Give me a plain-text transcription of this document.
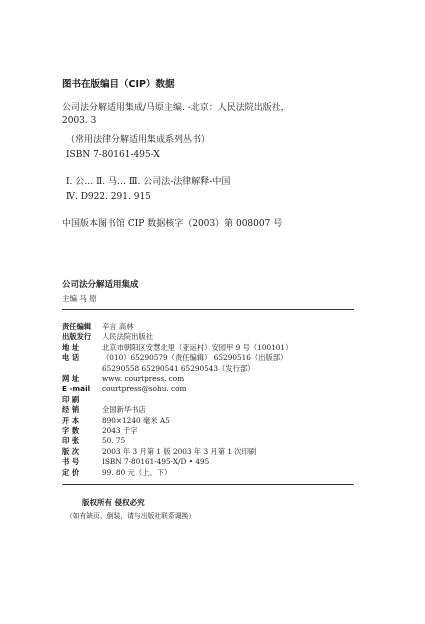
图书在版编目（CIP）数据
公司法分解适用集成/马原主编. -北京：人民法院出版社，
2003. 3
（常用法律分解适用集成系列丛书）
ISBN 7-80161-495-X
Ⅰ. 公… Ⅱ. 马… Ⅲ. 公司法-法律解释-中国
Ⅳ. D922. 291. 915
中国版本图书馆 CIP 数据核字（2003）第 008007 号
公司法分解适用集成
主编 马 原
责任编辑	辛言 高林
出版发行	人民法院出版社
地 址	北京市朝阳区安慧北里（亚运村）安园甲 9 号（100101）
电 话	（010）65290579（责任编辑） 65290516（出版部）
65290558 65290541 65290543（发行部）
网 址	www. courtpress. com
E -mail	courtpress@sohu. com
印 刷
经 销	全国新华书店
开 本	890×1240 毫米 A5
字 数	2043 千字
印 张	50. 75
版 次	2003 年 3 月第 1 版 2003 年 3 月第 1 次印刷
书 号	ISBN 7-80161-495-X/D • 495
定 价	99. 80 元（上、下）
版权所有 侵权必究
（如有缺页、倒装，请与出版社联系调换）
